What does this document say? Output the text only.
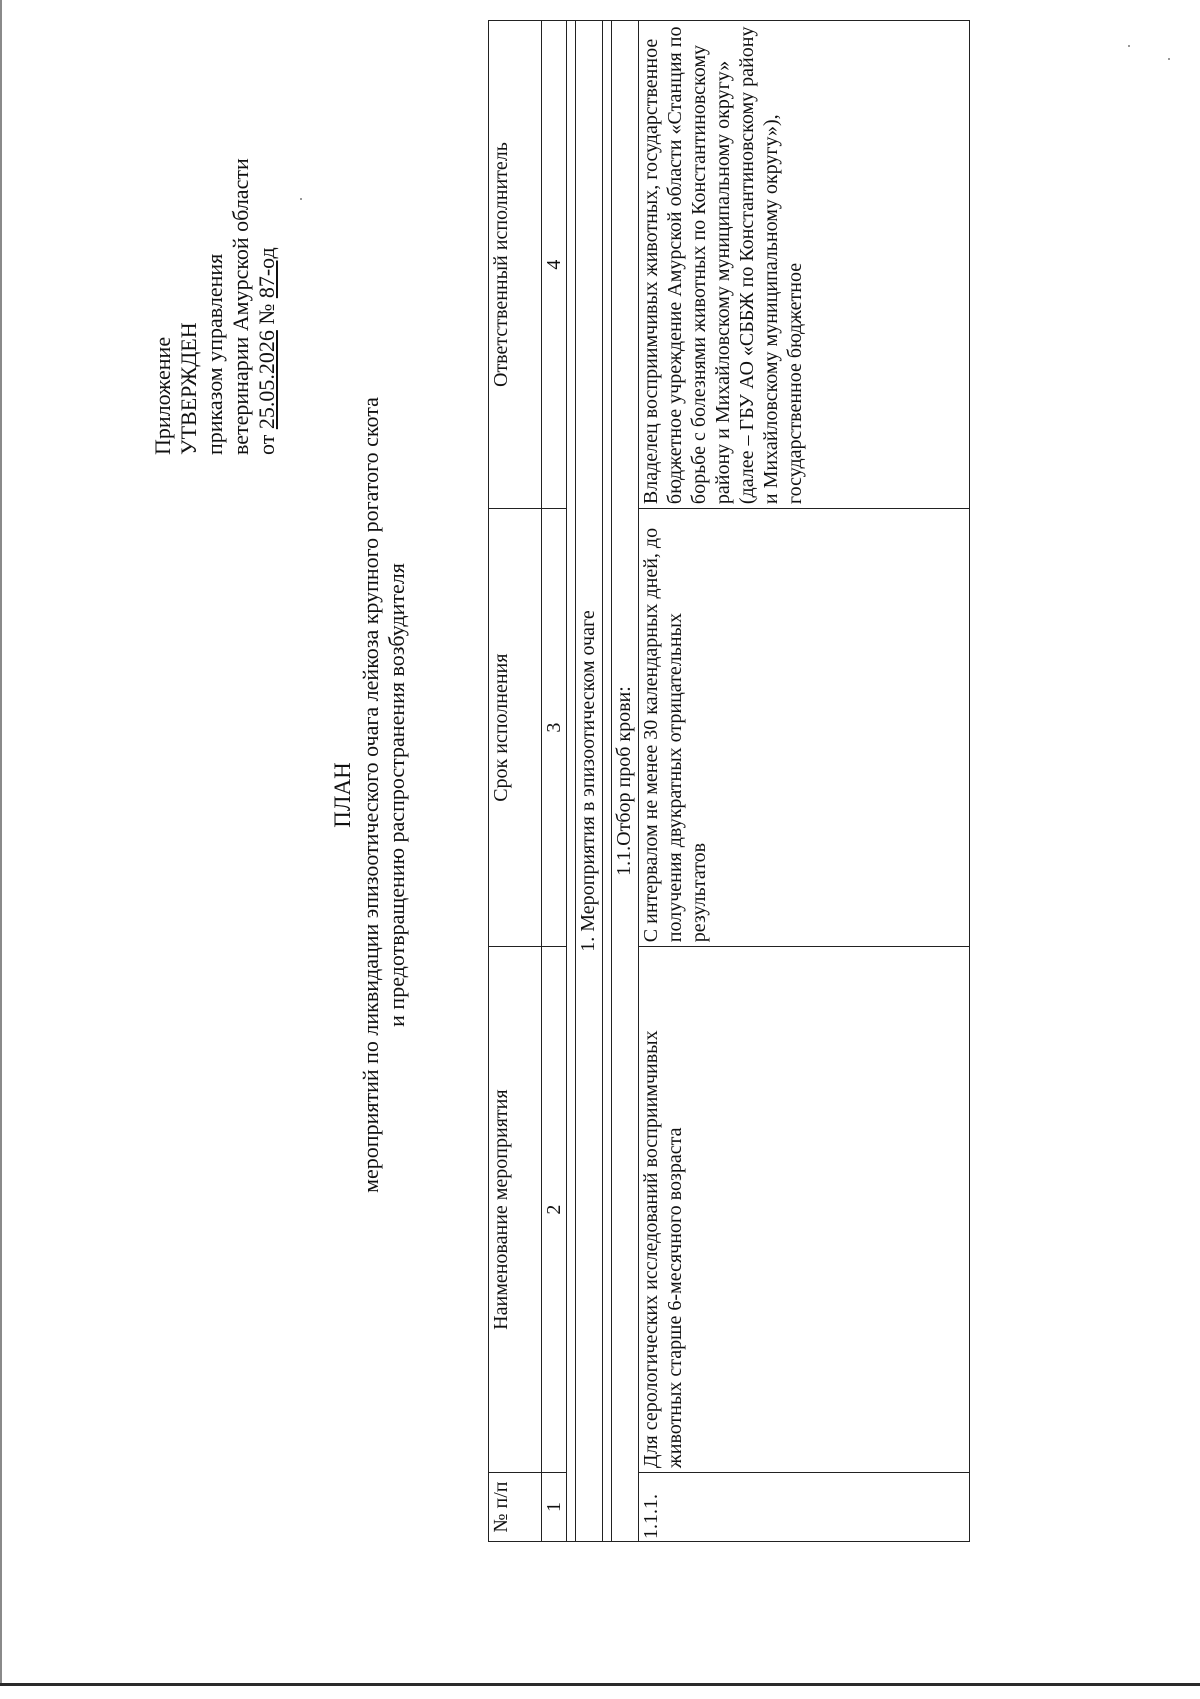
Приложение УТВЕРЖДЕН приказом управления ветеринарии Амурской области от 25.05.2026 № 87-од
ПЛАН мероприятий по ликвидации эпизоотического очага лейкоза крупного рогатого скота и предотвращению распространения возбудителя
№ п/п	Наименование мероприятия	Срок исполнения	Ответственный исполнитель
1	2	3	4

1. Мероприятия в эпизоотическом очаге			

1.1.Отбор проб крови:			
1.1.1.	Для серологических исследований восприимчивых животных старше 6-месячного возраста	С интервалом не менее 30 календарных дней, до получения двукратных отрицательных результатов	Владелец восприимчивых животных, государственное бюджетное учреждение Амурской области «Станция по борьбе с болезнями животных по Константиновскому району и Михайловскому муниципальному округу» (далее – ГБУ АО «СББЖ по Константиновскому району и Михайловскому муниципальному округу»), государственное бюджетное
